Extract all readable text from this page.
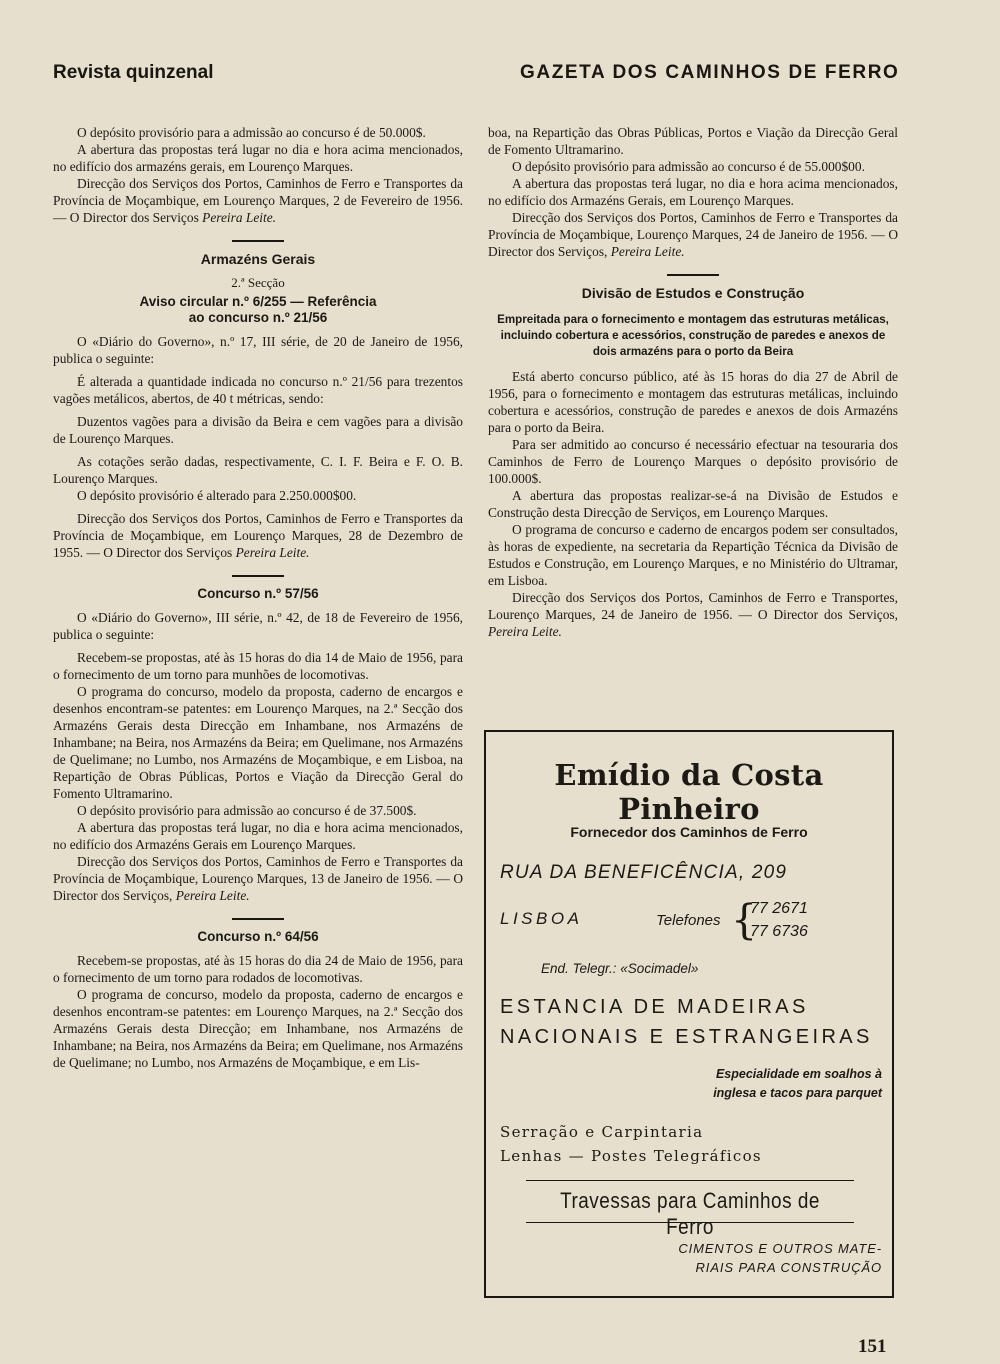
Revista quinzenal	GAZETA DOS CAMINHOS DE FERRO

O depósito provisório para a admissão ao concurso é de 50.000$.

A abertura das propostas terá lugar no dia e hora acima mencionados, no edifício dos armazéns gerais, em Lourenço Marques.

Direcção dos Serviços dos Portos, Caminhos de Ferro e Transportes da Província de Moçambique, em Lourenço Marques, 2 de Fevereiro de 1956. — O Director dos Serviços Pereira Leite.

Armazéns Gerais
2.ª Secção
Aviso circular n.º 6/255 — Referência
ao concurso n.º 21/56

O «Diário do Governo», n.º 17, III série, de 20 de Janeiro de 1956, publica o seguinte:

É alterada a quantidade indicada no concurso n.º 21/56 para trezentos vagões metálicos, abertos, de 40 t métricas, sendo:

Duzentos vagões para a divisão da Beira e cem vagões para a divisão de Lourenço Marques.

As cotações serão dadas, respectivamente, C. I. F. Beira e F. O. B. Lourenço Marques.

O depósito provisório é alterado para 2.250.000$00.

Direcção dos Serviços dos Portos, Caminhos de Ferro e Transportes da Província de Moçambique, em Lourenço Marques, 28 de Dezembro de 1955. — O Director dos Serviços Pereira Leite.

Concurso n.º 57/56

O «Diário do Governo», III série, n.º 42, de 18 de Fevereiro de 1956, publica o seguinte:

Recebem-se propostas, até às 15 horas do dia 14 de Maio de 1956, para o fornecimento de um torno para munhões de locomotivas.

O programa do concurso, modelo da proposta, caderno de encargos e desenhos encontram-se patentes: em Lourenço Marques, na 2.ª Secção dos Armazéns Gerais desta Direcção em Inhambane, nos Armazéns de Inhambane; na Beira, nos Armazéns da Beira; em Quelimane, nos Armazéns de Quelimane; no Lumbo, nos Armazéns de Moçambique, e em Lisboa, na Repartição de Obras Públicas, Portos e Viação da Direcção Geral do Fomento Ultramarino.

O depósito provisório para admissão ao concurso é de 37.500$.

A abertura das propostas terá lugar, no dia e hora acima mencionados, no edifício dos Armazéns Gerais em Lourenço Marques.

Direcção dos Serviços dos Portos, Caminhos de Ferro e Transportes da Província de Moçambique, Lourenço Marques, 13 de Janeiro de 1956. — O Director dos Serviços, Pereira Leite.

Concurso n.º 64/56

Recebem-se propostas, até às 15 horas do dia 24 de Maio de 1956, para o fornecimento de um torno para rodados de locomotivas.

O programa de concurso, modelo da proposta, caderno de encargos e desenhos encontram-se patentes: em Lourenço Marques, na 2.ª Secção dos Armazéns Gerais desta Direcção; em Inhambane, nos Armazéns de Inhambane; na Beira, nos Armazéns da Beira; em Quelimane, nos Armazéns de Quelimane; no Lumbo, nos Armazéns de Moçambique, e em Lis-

boa, na Repartição das Obras Públicas, Portos e Viação da Direcção Geral de Fomento Ultramarino.

O depósito provisório para admissão ao concurso é de 55.000$00.

A abertura das propostas terá lugar, no dia e hora acima mencionados, no edifício dos Armazéns Gerais, em Lourenço Marques.

Direcção dos Serviços dos Portos, Caminhos de Ferro e Transportes da Província de Moçambique, Lourenço Marques, 24 de Janeiro de 1956. — O Director dos Serviços, Pereira Leite.

Divisão de Estudos e Construção
Empreitada para o fornecimento e montagem das estruturas metálicas, incluindo cobertura e acessórios, construção de paredes e anexos de dois armazéns para o porto da Beira

Está aberto concurso público, até às 15 horas do dia 27 de Abril de 1956, para o fornecimento e montagem das estruturas metálicas, incluindo cobertura e acessórios, construção de paredes e anexos de dois Armazéns para o porto da Beira.

Para ser admitido ao concurso é necessário efectuar na tesouraria dos Caminhos de Ferro de Lourenço Marques o depósito provisório de 100.000$.

A abertura das propostas realizar-se-á na Divisão de Estudos e Construção desta Direcção de Serviços, em Lourenço Marques.

O programa de concurso e caderno de encargos podem ser consultados, às horas de expediente, na secretaria da Repartição Técnica da Divisão de Estudos e Construção, em Lourenço Marques, e no Ministério do Ultramar, em Lisboa.

Direcção dos Serviços dos Portos, Caminhos de Ferro e Transportes, Lourenço Marques, 24 de Janeiro de 1956. — O Director dos Serviços, Pereira Leite.

Emídio da Costa Pinheiro
Fornecedor dos Caminhos de Ferro
RUA DA BENEFICÊNCIA, 209
LISBOA	Telefones {
77 2671
77 6736
End. Telegr.: «Socimadel»
ESTANCIA DE MADEIRAS
NACIONAIS E ESTRANGEIRAS
Especialidade em soalhos à
inglesa e tacos para parquet
Serração e Carpintaria
Lenhas — Postes Telegráficos
Travessas para Caminhos de Ferro
CIMENTOS E OUTROS MATE-
RIAIS PARA CONSTRUÇÃO
151
